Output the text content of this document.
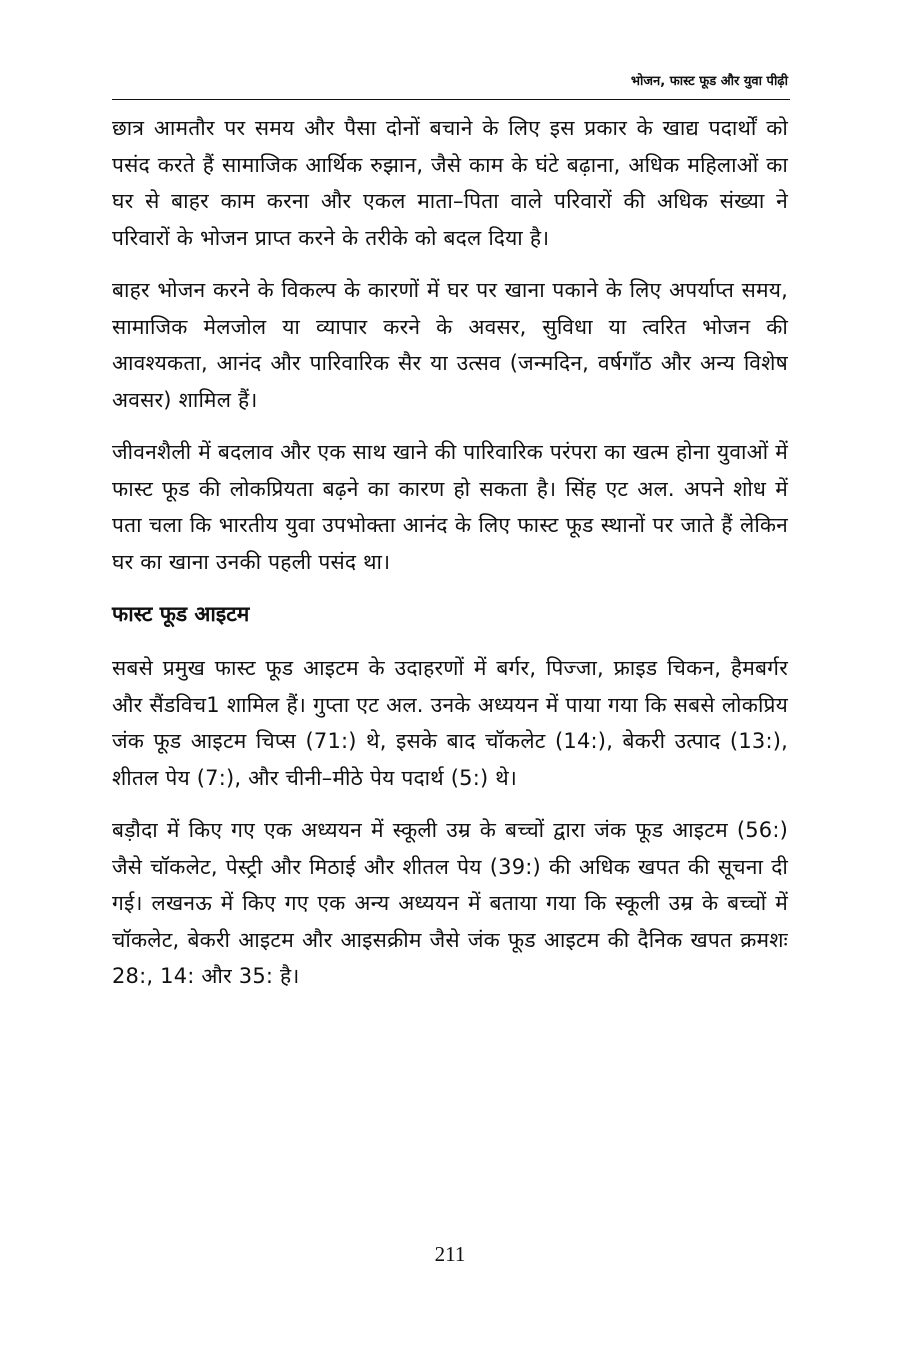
भोजन, फास्ट फूड और युवा पीढ़ी

छात्र आमतौर पर समय और पैसा दोनों बचाने के लिए इस प्रकार के खाद्य पदार्थों को पसंद करते हैं सामाजिक आर्थिक रुझान, जैसे काम के घंटे बढ़ाना, अधिक महिलाओं का घर से बाहर काम करना और एकल माता–पिता वाले परिवारों की अधिक संख्या ने परिवारों के भोजन प्राप्त करने के तरीके को बदल दिया है।

बाहर भोजन करने के विकल्प के कारणों में घर पर खाना पकाने के लिए अपर्याप्त समय, सामाजिक मेलजोल या व्यापार करने के अवसर, सुविधा या त्वरित भोजन की आवश्यकता, आनंद और पारिवारिक सैर या उत्सव (जन्मदिन, वर्षगाँठ और अन्य विशेष अवसर) शामिल हैं।

जीवनशैली में बदलाव और एक साथ खाने की पारिवारिक परंपरा का खत्म होना युवाओं में फास्ट फूड की लोकप्रियता बढ़ने का कारण हो सकता है। सिंह एट अल. अपने शोध में पता चला कि भारतीय युवा उपभोक्ता आनंद के लिए फास्ट फूड स्थानों पर जाते हैं लेकिन घर का खाना उनकी पहली पसंद था।

फास्ट फूड आइटम

सबसे प्रमुख फास्ट फूड आइटम के उदाहरणों में बर्गर, पिज्जा, फ्राइड चिकन, हैमबर्गर और सैंडविच1 शामिल हैं। गुप्ता एट अल. उनके अध्ययन में पाया गया कि सबसे लोकप्रिय जंक फूड आइटम चिप्स (71:) थे, इसके बाद चॉकलेट (14:), बेकरी उत्पाद (13:), शीतल पेय (7:), और चीनी–मीठे पेय पदार्थ (5:) थे।

बड़ौदा में किए गए एक अध्ययन में स्कूली उम्र के बच्चों द्वारा जंक फूड आइटम (56:) जैसे चॉकलेट, पेस्ट्री और मिठाई और शीतल पेय (39:) की अधिक खपत की सूचना दी गई। लखनऊ में किए गए एक अन्य अध्ययन में बताया गया कि स्कूली उम्र के बच्चों में चॉकलेट, बेकरी आइटम और आइसक्रीम जैसे जंक फूड आइटम की दैनिक खपत क्रमशः 28:, 14: और 35: है।

211
